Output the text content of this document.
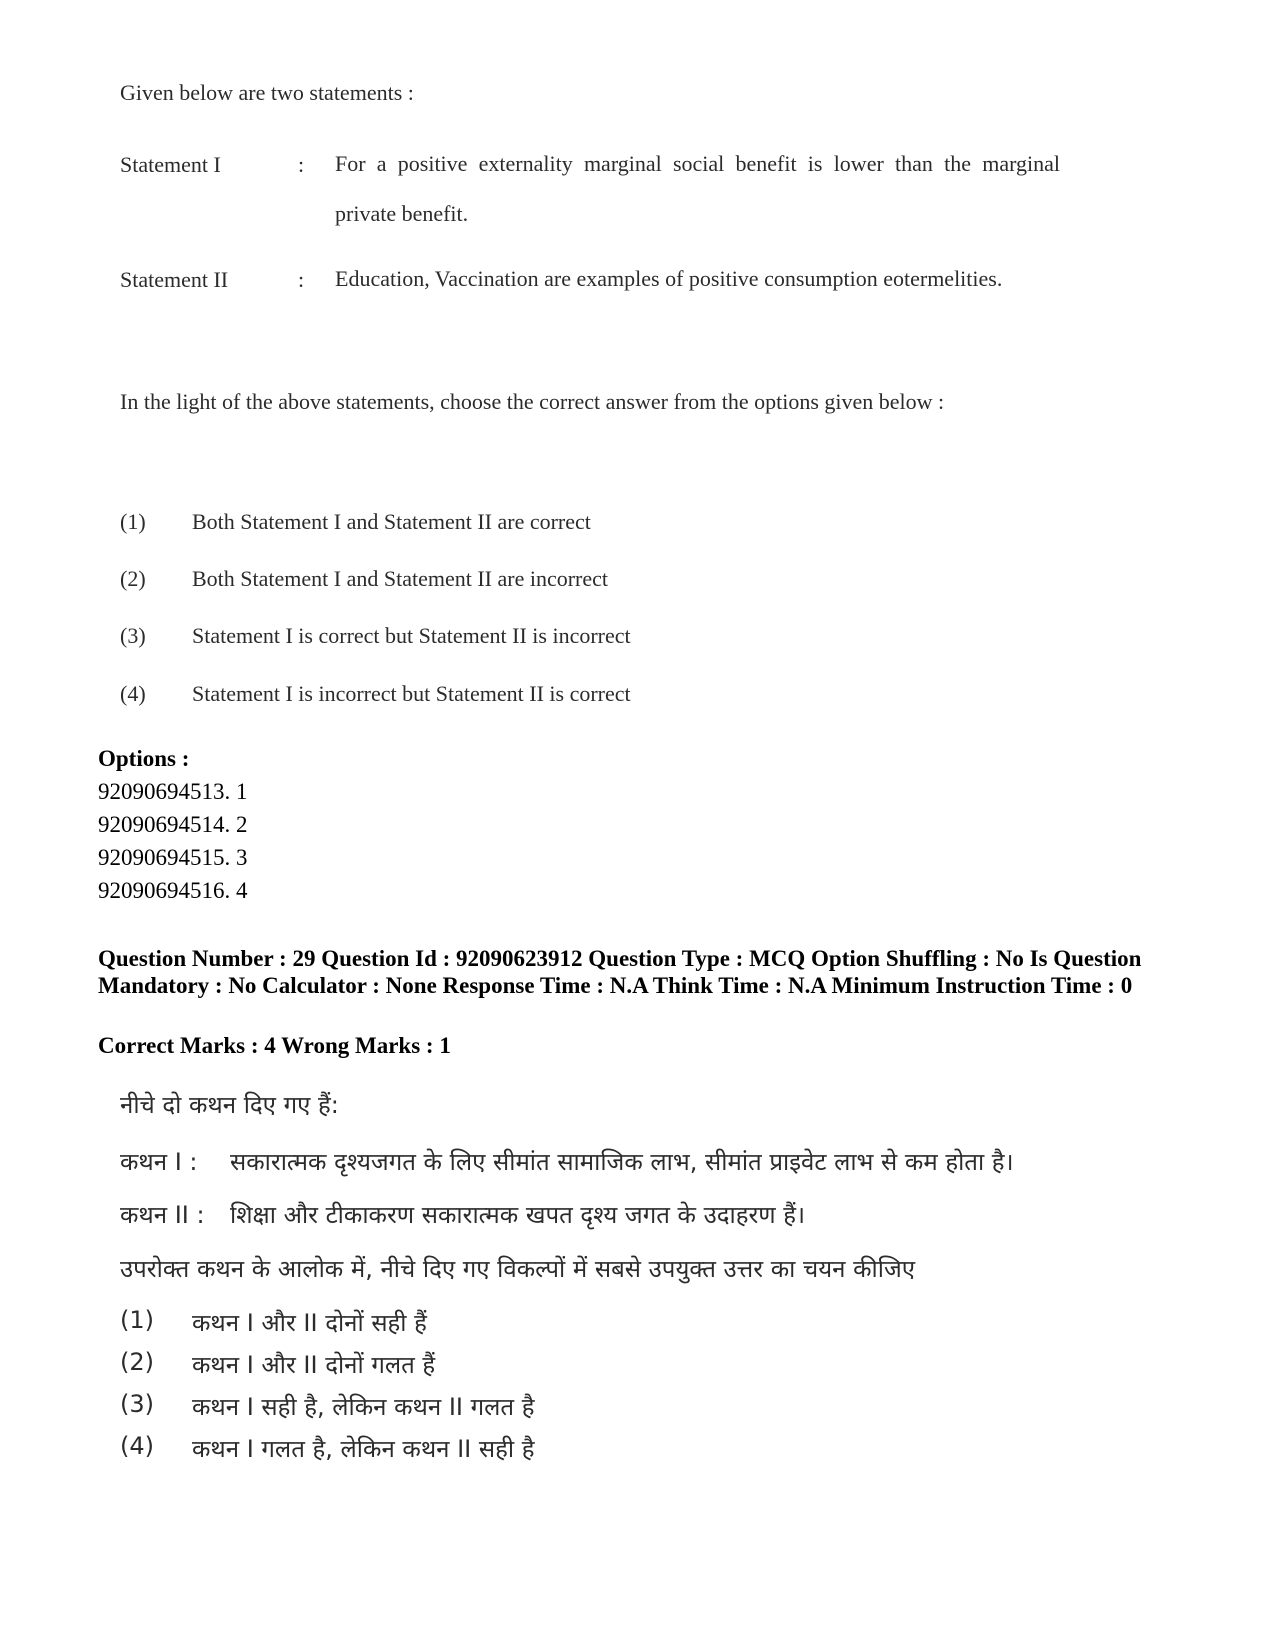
Given below are two statements :
Statement I	: For a positive externality marginal social benefit is lower than the marginal private benefit.
Statement II	: Education, Vaccination are examples of positive consumption eotermelities.
In the light of the above statements, choose the correct answer from the options given below :
(1) Both Statement I and Statement II are correct
(2) Both Statement I and Statement II are incorrect
(3) Statement I is correct but Statement II is incorrect
(4) Statement I is incorrect but Statement II is correct
Options :
92090694513. 1
92090694514. 2
92090694515. 3
92090694516. 4
Question Number : 29 Question Id : 92090623912 Question Type : MCQ Option Shuffling : No Is Question Mandatory : No Calculator : None Response Time : N.A Think Time : N.A Minimum Instruction Time : 0
Correct Marks : 4 Wrong Marks : 1
नीचे दो कथन दिए गए हैं:
कथन I : सकारात्मक दृश्यजगत के लिए सीमांत सामाजिक लाभ, सीमांत प्राइवेट लाभ से कम होता है।
कथन II : शिक्षा और टीकाकरण सकारात्मक खपत दृश्य जगत के उदाहरण हैं।
उपरोक्त कथन के आलोक में, नीचे दिए गए विकल्पों में सबसे उपयुक्त उत्तर का चयन कीजिए
(1) कथन I और II दोनों सही हैं
(2) कथन I और II दोनों गलत हैं
(3) कथन I सही है, लेकिन कथन II गलत है
(4) कथन I गलत है, लेकिन कथन II सही है
